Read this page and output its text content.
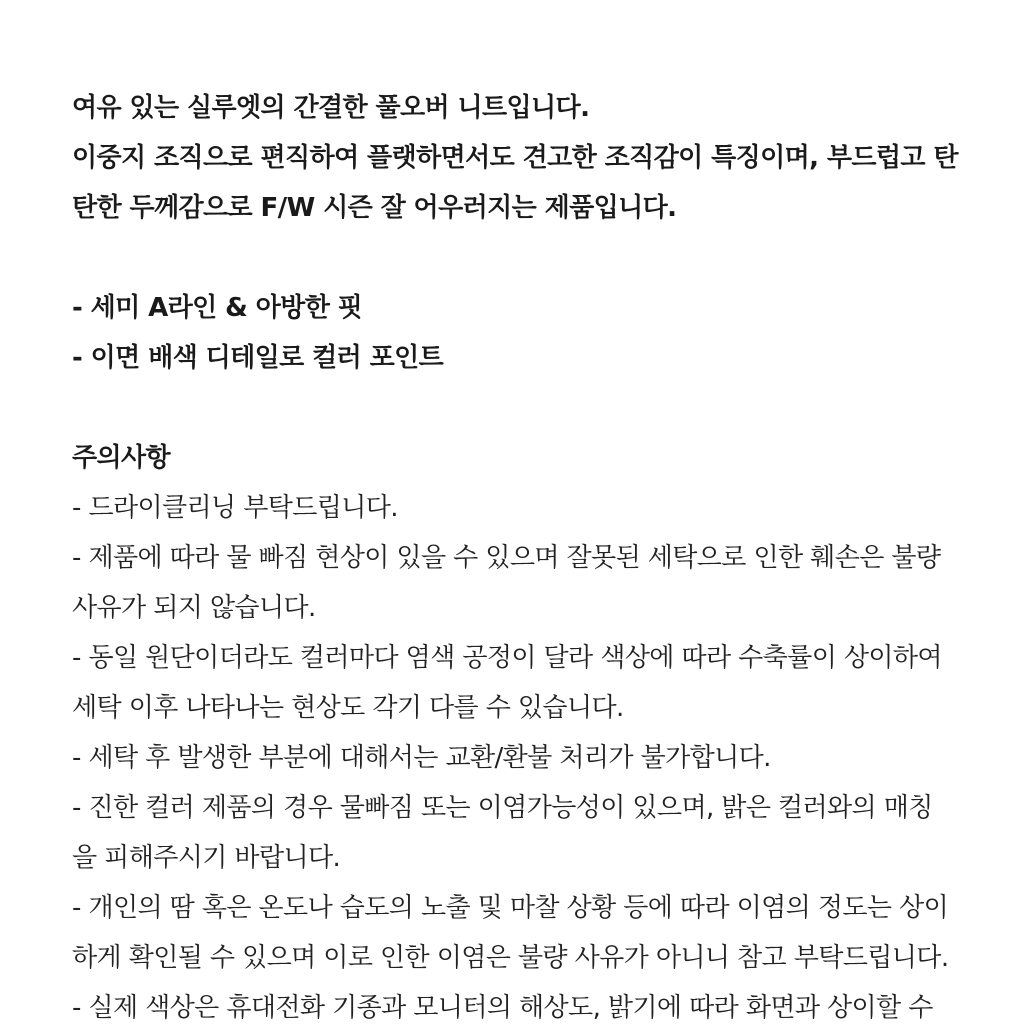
여유 있는 실루엣의 간결한 풀오버 니트입니다.
이중지 조직으로 편직하여 플랫하면서도 견고한 조직감이 특징이며, 부드럽고 탄
탄한 두께감으로 F/W 시즌 잘 어우러지는 제품입니다.
- 세미 A라인 & 아방한 핏
- 이면 배색 디테일로 컬러 포인트
주의사항
- 드라이클리닝 부탁드립니다.
- 제품에 따라 물 빠짐 현상이 있을 수 있으며 잘못된 세탁으로 인한 훼손은 불량
사유가 되지 않습니다.
- 동일 원단이더라도 컬러마다 염색 공정이 달라 색상에 따라 수축률이 상이하여
세탁 이후 나타나는 현상도 각기 다를 수 있습니다.
- 세탁 후 발생한 부분에 대해서는 교환/환불 처리가 불가합니다.
- 진한 컬러 제품의 경우 물빠짐 또는 이염가능성이 있으며, 밝은 컬러와의 매칭
을 피해주시기 바랍니다.
- 개인의 땀 혹은 온도나 습도의 노출 및 마찰 상황 등에 따라 이염의 정도는 상이
하게 확인될 수 있으며 이로 인한 이염은 불량 사유가 아니니 참고 부탁드립니다.
- 실제 색상은 휴대전화 기종과 모니터의 해상도, 밝기에 따라 화면과 상이할 수
